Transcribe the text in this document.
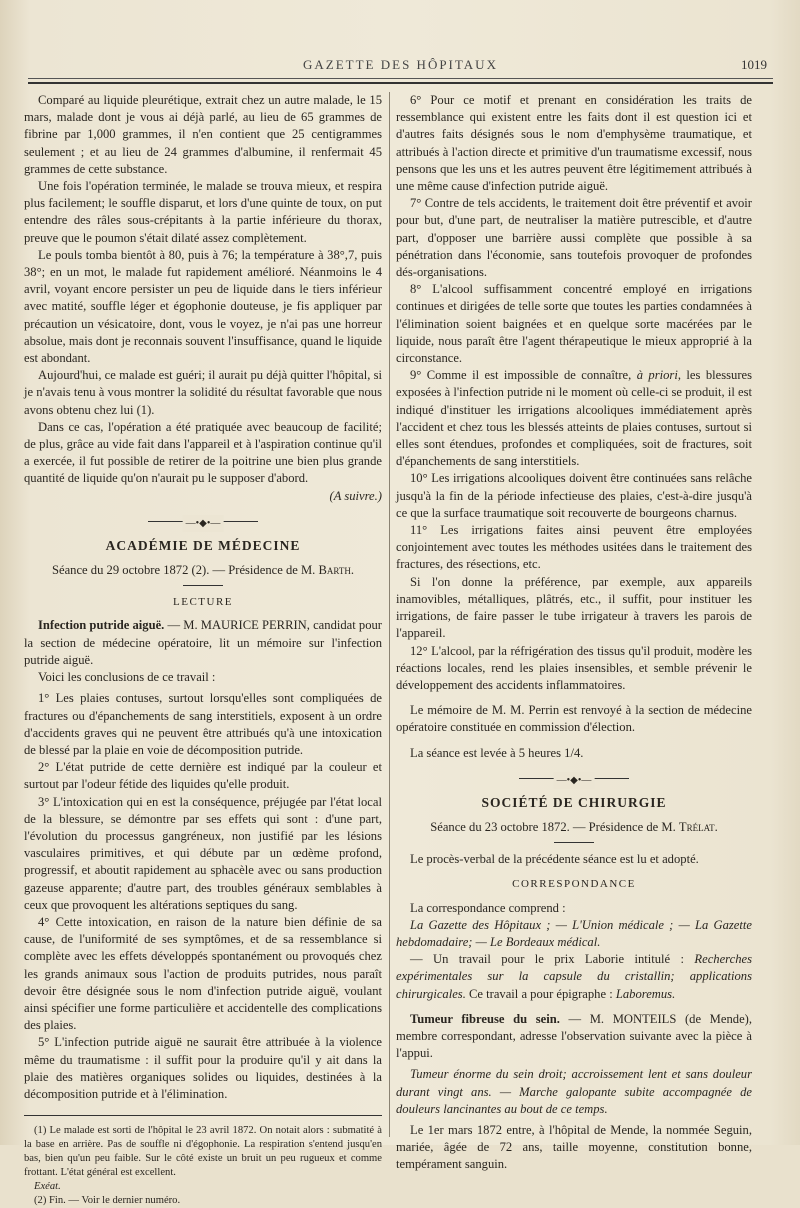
GAZETTE DES HÔPITAUX	1019

Comparé au liquide pleurétique, extrait chez un autre malade, le 15 mars, malade dont je vous ai déjà parlé, au lieu de 65 grammes de fibrine par 1,000 grammes, il n'en contient que 25 centigrammes seulement ; et au lieu de 24 grammes d'albumine, il renfermait 45 grammes de cette substance.

Une fois l'opération terminée, le malade se trouva mieux, et respira plus facilement; le souffle disparut, et lors d'une quinte de toux, on put entendre des râles sous-crépitants à la partie inférieure du thorax, preuve que le poumon s'était dilaté assez complètement.

Le pouls tomba bientôt à 80, puis à 76; la température à 38°,7, puis 38°; en un mot, le malade fut rapidement amélioré. Néanmoins le 4 avril, voyant encore persister un peu de liquide dans le tiers inférieur avec matité, souffle léger et égophonie douteuse, je fis appliquer par précaution un vésicatoire, dont, vous le voyez, je n'ai pas une horreur absolue, mais dont je reconnais souvent l'insuffisance, quand le liquide est abondant.

Aujourd'hui, ce malade est guéri; il aurait pu déjà quitter l'hôpital, si je n'avais tenu à vous montrer la solidité du résultat favorable que nous avons obtenu chez lui (1).

Dans ce cas, l'opération a été pratiquée avec beaucoup de facilité; de plus, grâce au vide fait dans l'appareil et à l'aspiration continue qu'il a exercée, il fut possible de retirer de la poitrine une bien plus grande quantité de liquide qu'on n'aurait pu le supposer d'abord.

(A suivre.)

—•◆•—
ACADÉMIE DE MÉDECINE

Séance du 29 octobre 1872 (2). — Présidence de M. Barth.

LECTURE

Infection putride aiguë. — M. MAURICE PERRIN, candidat pour la section de médecine opératoire, lit un mémoire sur l'infection putride aiguë.

Voici les conclusions de ce travail :

1° Les plaies contuses, surtout lorsqu'elles sont compliquées de fractures ou d'épanchements de sang interstitiels, exposent à un ordre d'accidents graves qui ne peuvent être attribués qu'à une intoxication de blessé par la plaie en voie de décomposition putride.

2° L'état putride de cette dernière est indiqué par la couleur et surtout par l'odeur fétide des liquides qu'elle produit.

3° L'intoxication qui en est la conséquence, préjugée par l'état local de la blessure, se démontre par ses effets qui sont : d'une part, l'évolution du processus gangréneux, non justifié par les lésions vasculaires primitives, et qui débute par un œdème profond, progressif, et aboutit rapidement au sphacèle avec ou sans production gazeuse apparente; d'autre part, des troubles généraux semblables à ceux que provoquent les altérations septiques du sang.

4° Cette intoxication, en raison de la nature bien définie de sa cause, de l'uniformité de ses symptômes, et de sa ressemblance si complète avec les effets développés spontanément ou provoqués chez les grands animaux sous l'action de produits putrides, nous paraît devoir être désignée sous le nom d'infection putride aiguë, voulant ainsi spécifier une forme particulière et accidentelle des complications des plaies.

5° L'infection putride aiguë ne saurait être attribuée à la violence même du traumatisme : il suffit pour la produire qu'il y ait dans la plaie des matières organiques solides ou liquides, destinées à la décomposition putride et à l'élimination.

(1) Le malade est sorti de l'hôpital le 23 avril 1872. On notait alors : submatité à la base en arrière. Pas de souffle ni d'égophonie. La respiration s'entend jusqu'en bas, bien qu'un peu faible. Sur le côté existe un bruit un peu rugueux et comme frottant. L'état général est excellent.

Exéat.

(2) Fin. — Voir le dernier numéro.

6° Pour ce motif et prenant en considération les traits de ressemblance qui existent entre les faits dont il est question ici et d'autres faits désignés sous le nom d'emphysème traumatique, et attribués à l'action directe et primitive d'un traumatisme excessif, nous pensons que les uns et les autres peuvent être légitimement attribués à une même cause d'infection putride aiguë.

7° Contre de tels accidents, le traitement doit être préventif et avoir pour but, d'une part, de neutraliser la matière putrescible, et d'autre part, d'opposer une barrière aussi complète que possible à sa pénétration dans l'économie, sans toutefois provoquer de profondes dés-organisations.

8° L'alcool suffisamment concentré employé en irrigations continues et dirigées de telle sorte que toutes les parties condamnées à l'élimination soient baignées et en quelque sorte macérées par le liquide, nous paraît être l'agent thérapeutique le mieux approprié à la circonstance.

9° Comme il est impossible de connaître, à priori, les blessures exposées à l'infection putride ni le moment où celle-ci se produit, il est indiqué d'instituer les irrigations alcooliques immédiatement après l'accident et chez tous les blessés atteints de plaies contuses, surtout si elles sont étendues, profondes et compliquées, soit de fractures, soit d'épanchements de sang interstitiels.

10° Les irrigations alcooliques doivent être continuées sans relâche jusqu'à la fin de la période infectieuse des plaies, c'est-à-dire jusqu'à ce que la surface traumatique soit recouverte de bourgeons charnus.

11° Les irrigations faites ainsi peuvent être employées conjointement avec toutes les méthodes usitées dans le traitement des fractures, des résections, etc.

Si l'on donne la préférence, par exemple, aux appareils inamovibles, métalliques, plâtrés, etc., il suffit, pour instituer les irrigations, de faire passer le tube irrigateur à travers les parois de l'appareil.

12° L'alcool, par la réfrigération des tissus qu'il produit, modère les réactions locales, rend les plaies insensibles, et semble prévenir le développement des accidents inflammatoires.

Le mémoire de M. M. Perrin est renvoyé à la section de médecine opératoire constituée en commission d'élection.

La séance est levée à 5 heures 1/4.

—•◆•—
SOCIÉTÉ DE CHIRURGIE

Séance du 23 octobre 1872. — Présidence de M. Trélat.

Le procès-verbal de la précédente séance est lu et adopté.

CORRESPONDANCE

La correspondance comprend :

La Gazette des Hôpitaux ; — L'Union médicale ; — La Gazette hebdomadaire; — Le Bordeaux médical.

— Un travail pour le prix Laborie intitulé : Recherches expérimentales sur la capsule du cristallin; applications chirurgicales. Ce travail a pour épigraphe : Laboremus.

Tumeur fibreuse du sein. — M. MONTEILS (de Mende), membre correspondant, adresse l'observation suivante avec la pièce à l'appui.

Tumeur énorme du sein droit; accroissement lent et sans douleur durant vingt ans. — Marche galopante subite accompagnée de douleurs lancinantes au bout de ce temps.

Le 1er mars 1872 entre, à l'hôpital de Mende, la nommée Seguin, mariée, âgée de 72 ans, taille moyenne, constitution bonne, tempérament sanguin.
